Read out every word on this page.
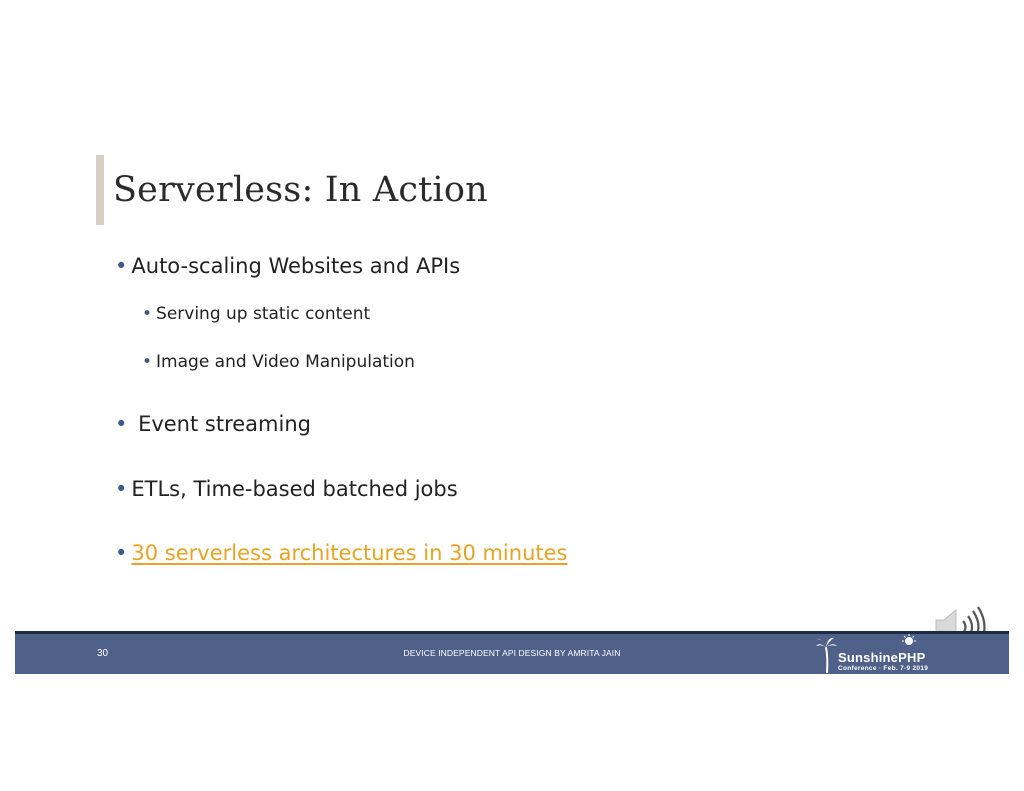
Serverless: In Action
• Auto-scaling Websites and APIs
• Serving up static content
• Image and Video Manipulation
• Event streaming
• ETLs, Time-based batched jobs
• 30 serverless architectures in 30 minutes
30	DEVICE INDEPENDENT API DESIGN BY AMRITA JAIN	SunshinePHP
Conference · Feb. 7-9 2019
